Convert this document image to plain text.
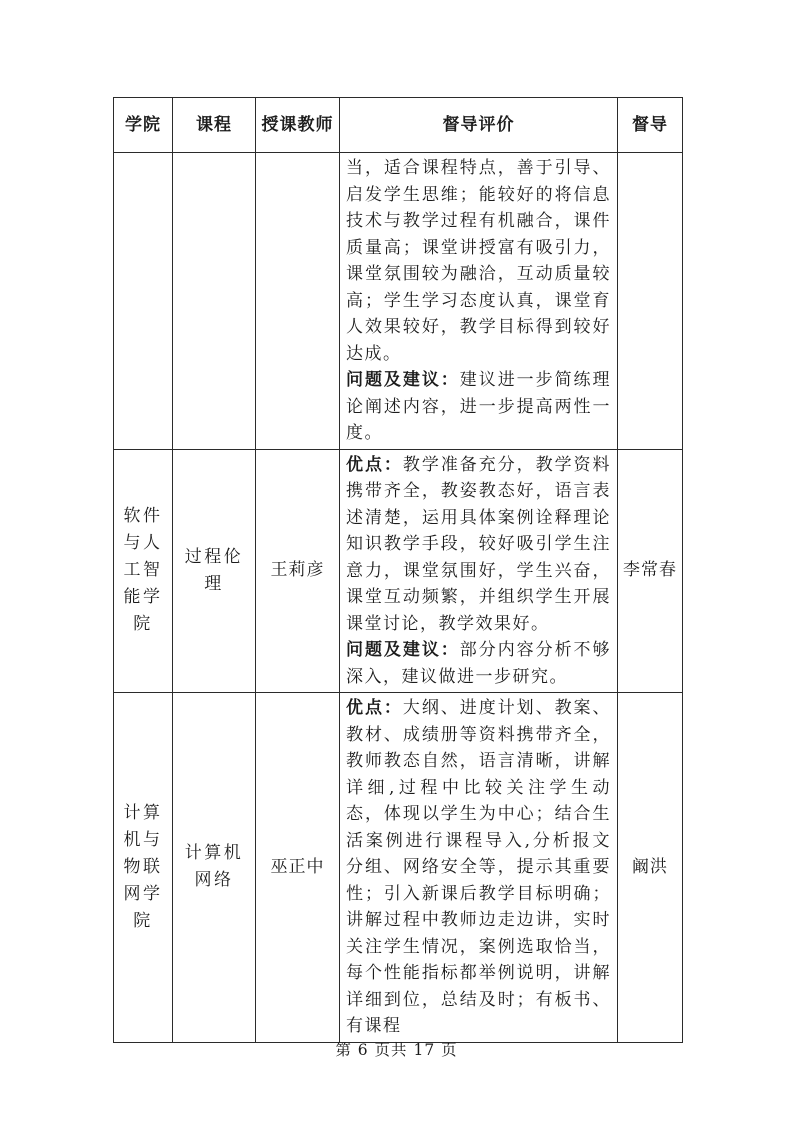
学院	课程	授课教师	督导评价	督导

			当，适合课程特点，善于引导、启发学生思维；能较好的将信息技术与教学过程有机融合，课件质量高；课堂讲授富有吸引力，课堂氛围较为融洽，互动质量较高；学生学习态度认真，课堂育人效果较好，教学目标得到较好达成。

问题及建议：建议进一步简练理论阐述内容，进一步提高两性一度。	

软件与人工智能学院	过程伦理	王莉彦	优点：教学准备充分，教学资料携带齐全，教姿教态好，语言表述清楚，运用具体案例诠释理论知识教学手段，较好吸引学生注意力，课堂氛围好，学生兴奋，课堂互动频繁，并组织学生开展课堂讨论，教学效果好。

问题及建议：部分内容分析不够深入，建议做进一步研究。	李常春
计算机与物联网学院	计算机网络	巫正中	优点：大纲、进度计划、教案、教材、成绩册等资料携带齐全，教师教态自然，语言清晰，讲解详细,过程中比较关注学生动态，体现以学生为中心；结合生活案例进行课程导入,分析报文分组、网络安全等，提示其重要性；引入新课后教学目标明确；讲解过程中教师边走边讲，实时关注学生情况，案例选取恰当，每个性能指标都举例说明，讲解详细到位，总结及时；有板书、有课程	阚洪
第 6 页共 17 页
